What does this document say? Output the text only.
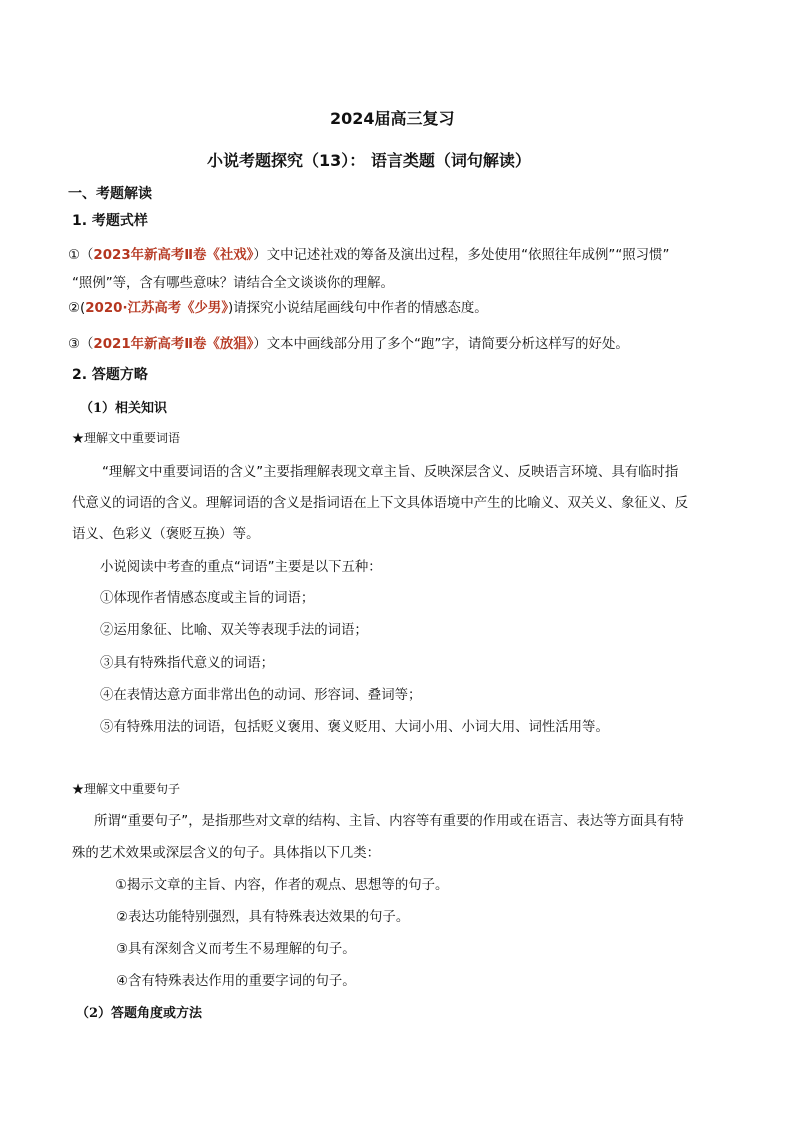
2024届高三复习
小说考题探究（13）： 语言类题（词句解读）
一、考题解读
1. 考题式样
①（2023年新高考Ⅱ卷《社戏》）文中记述社戏的筹备及演出过程，多处使用“依照往年成例”“照习惯”
“照例”等，含有哪些意味？请结合全文谈谈你的理解。
②(2020·江苏高考《少男》)请探究小说结尾画线句中作者的情感态度。
③（2021年新高考Ⅱ卷《放猖》）文本中画线部分用了多个“跑”字，请简要分析这样写的好处。
2. 答题方略
（1）相关知识
★理解文中重要词语
“理解文中重要词语的含义”主要指理解表现文章主旨、反映深层含义、反映语言环境、具有临时指
代意义的词语的含义。理解词语的含义是指词语在上下文具体语境中产生的比喻义、双关义、象征义、反
语义、色彩义（褒贬互换）等。
小说阅读中考查的重点“词语”主要是以下五种：
①体现作者情感态度或主旨的词语；
②运用象征、比喻、双关等表现手法的词语；
③具有特殊指代意义的词语；
④在表情达意方面非常出色的动词、形容词、叠词等；
⑤有特殊用法的词语，包括贬义褒用、褒义贬用、大词小用、小词大用、词性活用等。
★理解文中重要句子
所谓“重要句子”，是指那些对文章的结构、主旨、内容等有重要的作用或在语言、表达等方面具有特
殊的艺术效果或深层含义的句子。具体指以下几类：
①揭示文章的主旨、内容，作者的观点、思想等的句子。
②表达功能特别强烈，具有特殊表达效果的句子。
③具有深刻含义而考生不易理解的句子。
④含有特殊表达作用的重要字词的句子。
（2）答题角度或方法
